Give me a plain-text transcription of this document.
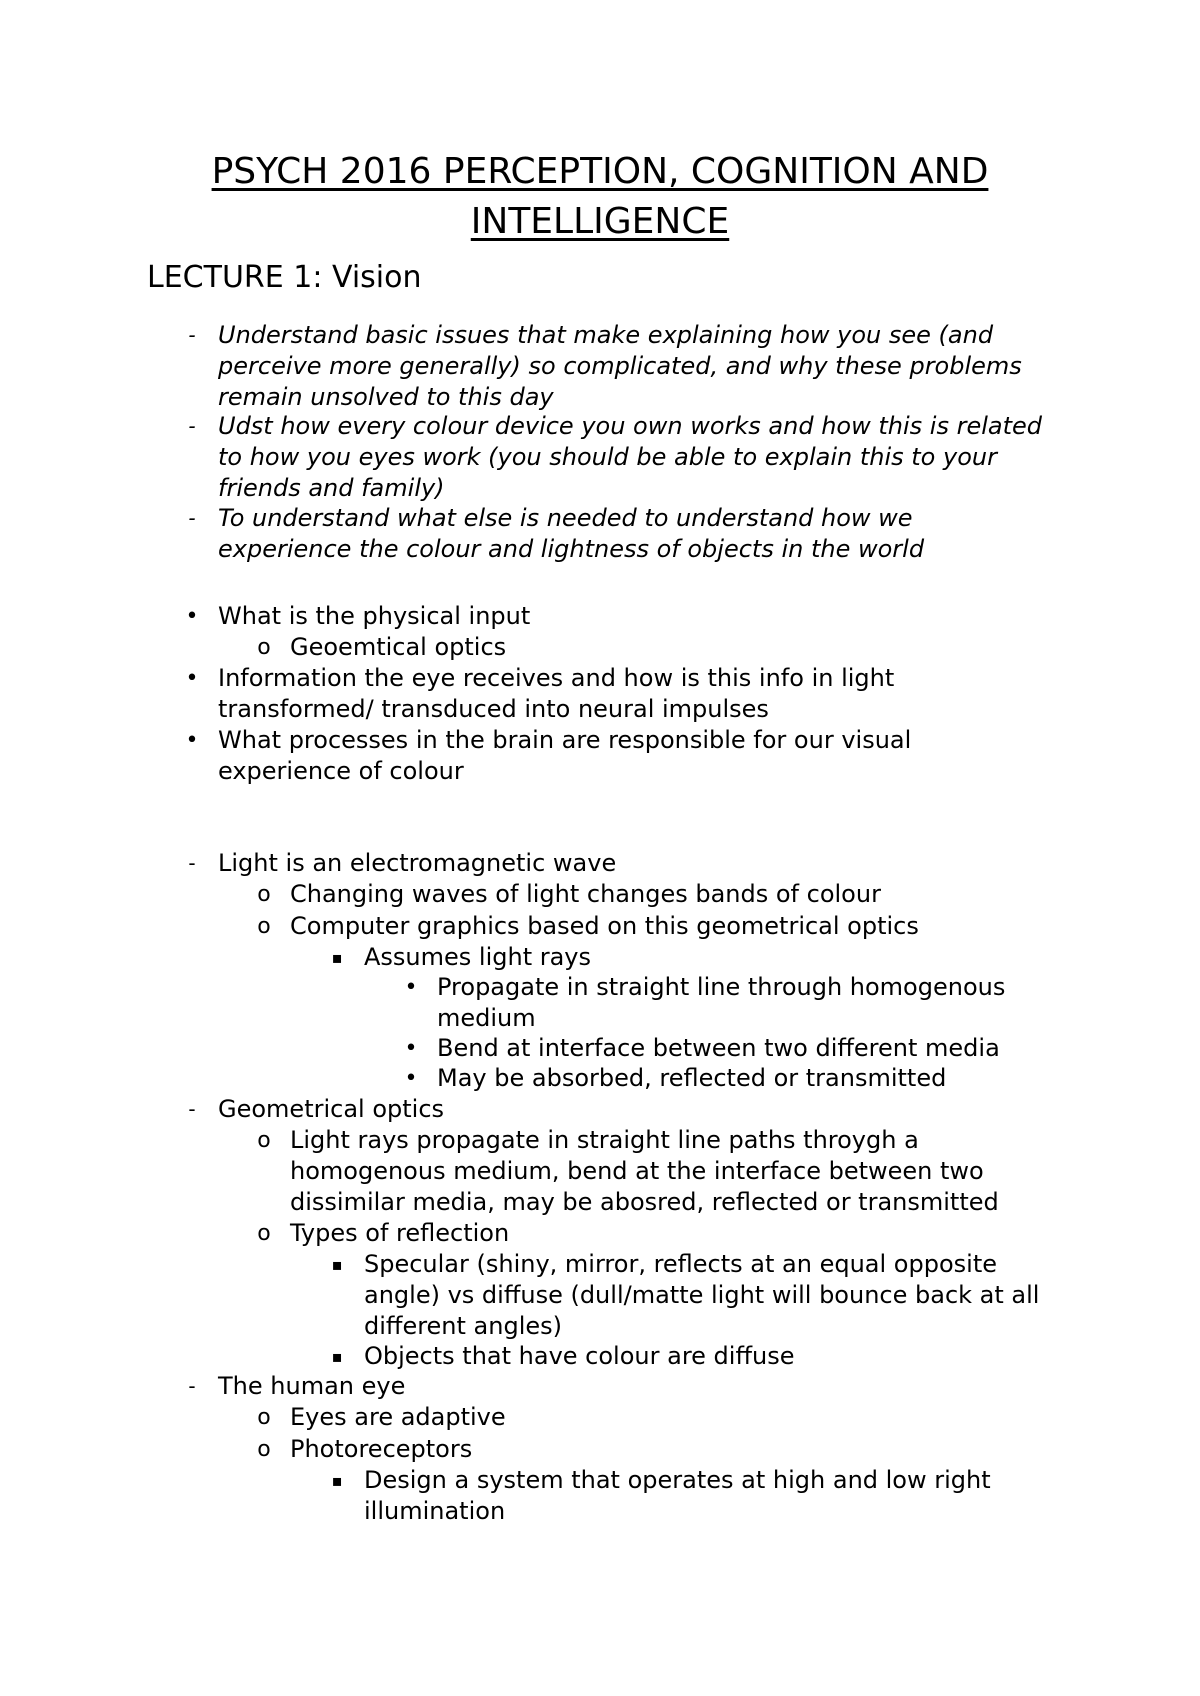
PSYCH 2016 PERCEPTION, COGNITION AND
INTELLIGENCE
LECTURE 1: Vision
- Understand basic issues that make explaining how you see (and
perceive more generally) so complicated, and why these problems
remain unsolved to this day
- Udst how every colour device you own works and how this is related
to how you eyes work (you should be able to explain this to your
friends and family)
- To understand what else is needed to understand how we
experience the colour and lightness of objects in the world
• What is the physical input
o Geoemtical optics
• Information the eye receives and how is this info in light
transformed/ transduced into neural impulses
• What processes in the brain are responsible for our visual
experience of colour
- Light is an electromagnetic wave
o Changing waves of light changes bands of colour
o Computer graphics based on this geometrical optics
▪ Assumes light rays
• Propagate in straight line through homogenous
medium
• Bend at interface between two different media
• May be absorbed, reflected or transmitted
- Geometrical optics
o Light rays propagate in straight line paths throygh a
homogenous medium, bend at the interface between two
dissimilar media, may be abosred, reflected or transmitted
o Types of reflection
▪ Specular (shiny, mirror, reflects at an equal opposite
angle) vs diffuse (dull/matte light will bounce back at all
different angles)
▪ Objects that have colour are diffuse
- The human eye
o Eyes are adaptive
o Photoreceptors
▪ Design a system that operates at high and low right
illumination
